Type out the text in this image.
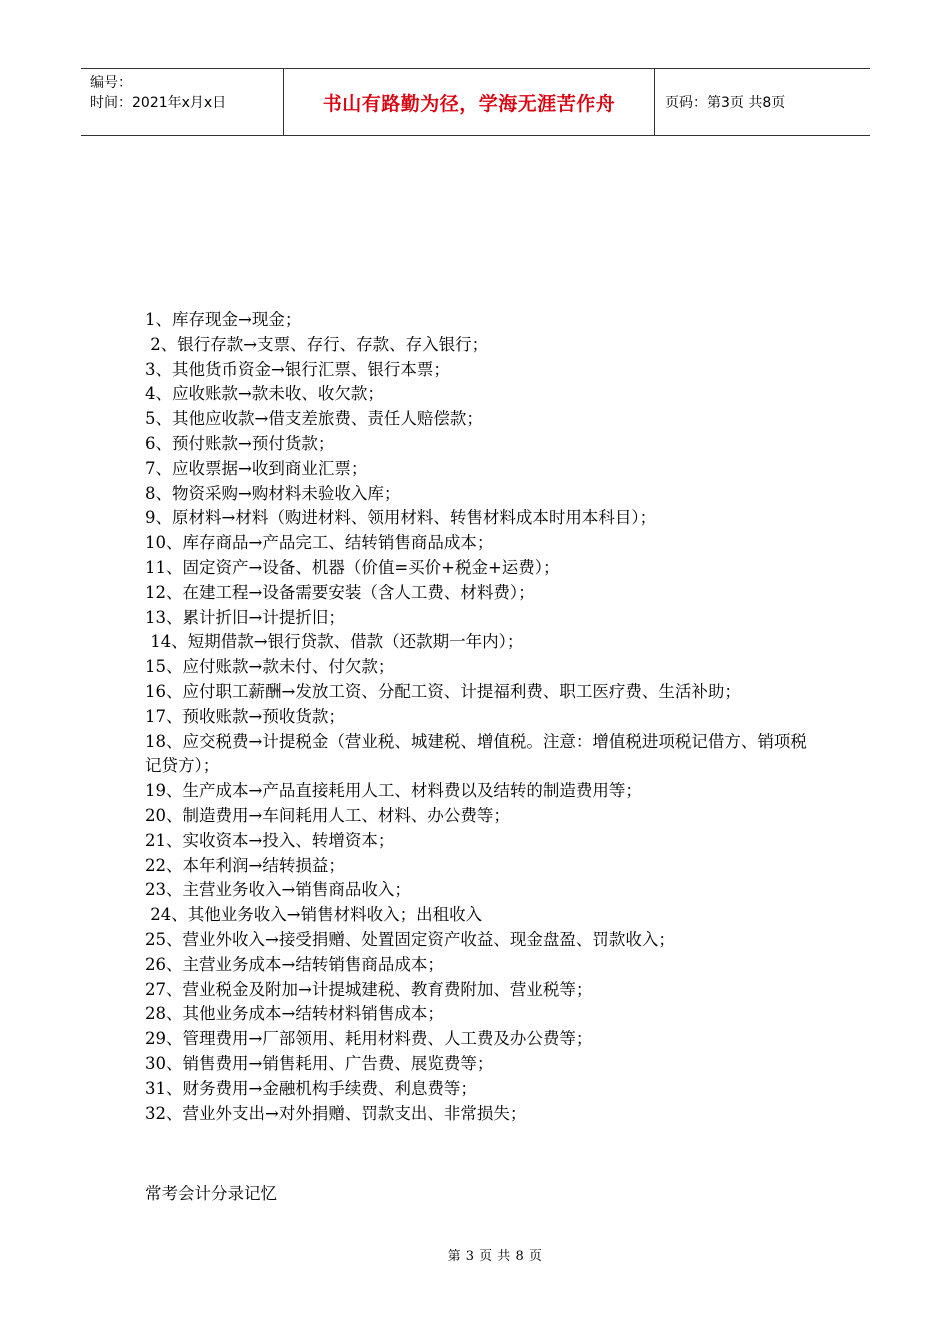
编号：
时间：2021年x月x日	书山有路勤为径，学海无涯苦作舟	页码：第3页 共8页

1、库存现金→现金；

2、银行存款→支票、存行、存款、存入银行；

3、其他货币资金→银行汇票、银行本票；

4、应收账款→款未收、收欠款；

5、其他应收款→借支差旅费、责任人赔偿款；

6、预付账款→预付货款；

7、应收票据→收到商业汇票；

8、物资采购→购材料未验收入库；

9、原材料→材料（购进材料、领用材料、转售材料成本时用本科目）；

10、库存商品→产品完工、结转销售商品成本；

11、固定资产→设备、机器（价值=买价+税金+运费）；

12、在建工程→设备需要安装（含人工费、材料费）；

13、累计折旧→计提折旧；

14、短期借款→银行贷款、借款（还款期一年内）；

15、应付账款→款未付、付欠款；

16、应付职工薪酬→发放工资、分配工资、计提福利费、职工医疗费、生活补助；

17、预收账款→预收货款；

18、应交税费→计提税金（营业税、城建税、增值税。注意：增值税进项税记借方、销项税记贷方）；

19、生产成本→产品直接耗用人工、材料费以及结转的制造费用等；

20、制造费用→车间耗用人工、材料、办公费等；

21、实收资本→投入、转增资本；

22、本年利润→结转损益；

23、主营业务收入→销售商品收入；

24、其他业务收入→销售材料收入；出租收入

25、营业外收入→接受捐赠、处置固定资产收益、现金盘盈、罚款收入；

26、主营业务成本→结转销售商品成本；

27、营业税金及附加→计提城建税、教育费附加、营业税等；

28、其他业务成本→结转材料销售成本；

29、管理费用→厂部领用、耗用材料费、人工费及办公费等；

30、销售费用→销售耗用、广告费、展览费等；

31、财务费用→金融机构手续费、利息费等；

32、营业外支出→对外捐赠、罚款支出、非常损失；

常考会计分录记忆
第 3 页 共 8 页
